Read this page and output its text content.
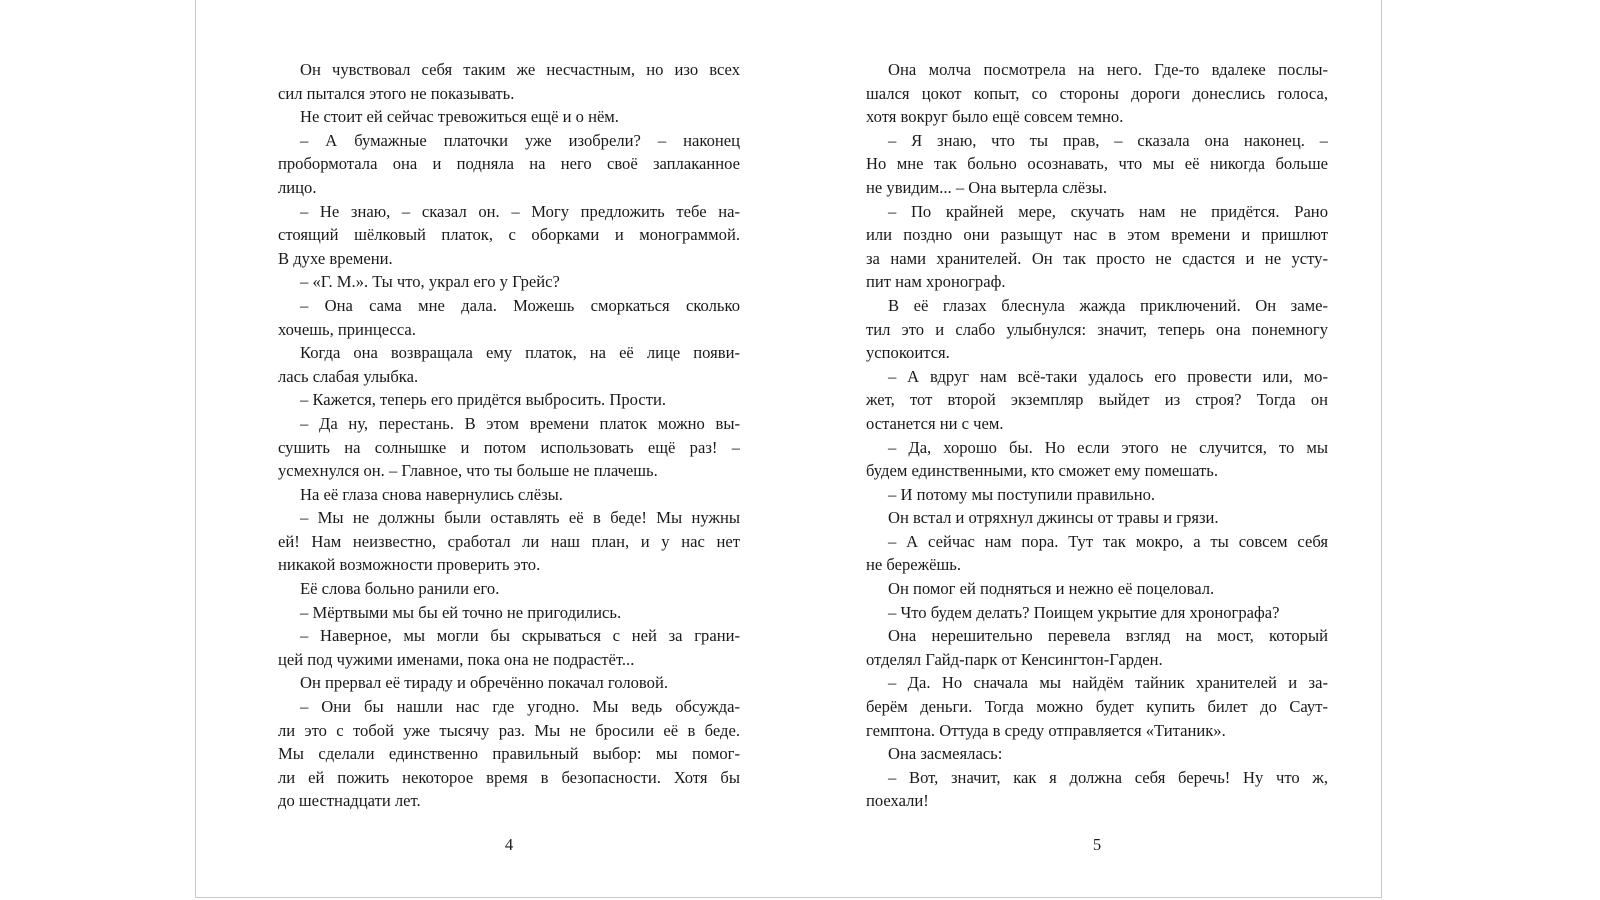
Он чувствовал себя таким же несчастным, но изо всех
сил пытался этого не показывать.
Не стоит ей сейчас тревожиться ещё и о нём.
– А бумажные платочки уже изобрели? – наконец
пробормотала она и подняла на него своё заплаканное
лицо.
– Не знаю, – сказал он. – Могу предложить тебе на-
стоящий шёлковый платок, с оборками и монограммой.
В духе времени.
– «Г. М.». Ты что, украл его у Грейс?
– Она сама мне дала. Можешь сморкаться сколько
хочешь, принцесса.
Когда она возвращала ему платок, на её лице появи-
лась слабая улыбка.
– Кажется, теперь его придётся выбросить. Прости.
– Да ну, перестань. В этом времени платок можно вы-
сушить на солнышке и потом использовать ещё раз! –
усмехнулся он. – Главное, что ты больше не плачешь.
На её глаза снова навернулись слёзы.
– Мы не должны были оставлять её в беде! Мы нужны
ей! Нам неизвестно, сработал ли наш план, и у нас нет
никакой возможности проверить это.
Её слова больно ранили его.
– Мёртвыми мы бы ей точно не пригодились.
– Наверное, мы могли бы скрываться с ней за грани-
цей под чужими именами, пока она не подрастёт...
Он прервал её тираду и обречённо покачал головой.
– Они бы нашли нас где угодно. Мы ведь обсужда-
ли это с тобой уже тысячу раз. Мы не бросили её в беде.
Мы сделали единственно правильный выбор: мы помог-
ли ей пожить некоторое время в безопасности. Хотя бы
до шестнадцати лет.
4
Она молча посмотрела на него. Где-то вдалеке послы-
шался цокот копыт, со стороны дороги донеслись голоса,
хотя вокруг было ещё совсем темно.
– Я знаю, что ты прав, – сказала она наконец. –
Но мне так больно осознавать, что мы её никогда больше
не увидим... – Она вытерла слёзы.
– По крайней мере, скучать нам не придётся. Рано
или поздно они разыщут нас в этом времени и пришлют
за нами хранителей. Он так просто не сдастся и не усту-
пит нам хронограф.
В её глазах блеснула жажда приключений. Он заме-
тил это и слабо улыбнулся: значит, теперь она понемногу
успокоится.
– А вдруг нам всё-таки удалось его провести или, мо-
жет, тот второй экземпляр выйдет из строя? Тогда он
останется ни с чем.
– Да, хорошо бы. Но если этого не случится, то мы
будем единственными, кто сможет ему помешать.
– И потому мы поступили правильно.
Он встал и отряхнул джинсы от травы и грязи.
– А сейчас нам пора. Тут так мокро, а ты совсем себя
не бережёшь.
Он помог ей подняться и нежно её поцеловал.
– Что будем делать? Поищем укрытие для хронографа?
Она нерешительно перевела взгляд на мост, который
отделял Гайд-парк от Кенсингтон-Гарден.
– Да. Но сначала мы найдём тайник хранителей и за-
берём деньги. Тогда можно будет купить билет до Саут-
гемптона. Оттуда в среду отправляется «Титаник».
Она засмеялась:
– Вот, значит, как я должна себя беречь! Ну что ж,
поехали!
5
